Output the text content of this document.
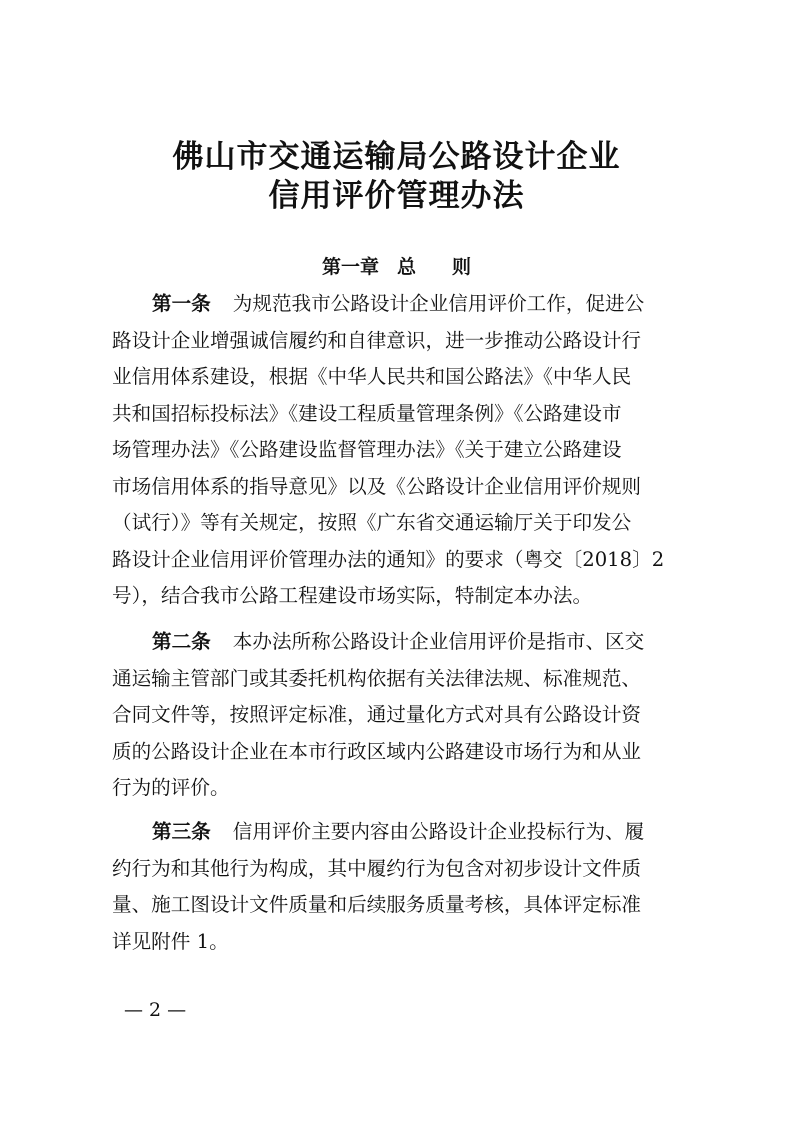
佛山市交通运输局公路设计企业
信用评价管理办法
第一章 总 则

第一条 为规范我市公路设计企业信用评价工作，促进公
路设计企业增强诚信履约和自律意识，进一步推动公路设计行
业信用体系建设，根据《中华人民共和国公路法》《中华人民
共和国招标投标法》《建设工程质量管理条例》《公路建设市
场管理办法》《公路建设监督管理办法》《关于建立公路建设
市场信用体系的指导意见》以及《公路设计企业信用评价规则
（试行）》等有关规定，按照《广东省交通运输厅关于印发公
路设计企业信用评价管理办法的通知》的要求（粤交〔2018〕2
号），结合我市公路工程建设市场实际，特制定本办法。

第二条 本办法所称公路设计企业信用评价是指市、区交
通运输主管部门或其委托机构依据有关法律法规、标准规范、
合同文件等，按照评定标准，通过量化方式对具有公路设计资
质的公路设计企业在本市行政区域内公路建设市场行为和从业
行为的评价。

第三条 信用评价主要内容由公路设计企业投标行为、履
约行为和其他行为构成，其中履约行为包含对初步设计文件质
量、施工图设计文件质量和后续服务质量考核，具体评定标准
详见附件 1。

— 2 —
